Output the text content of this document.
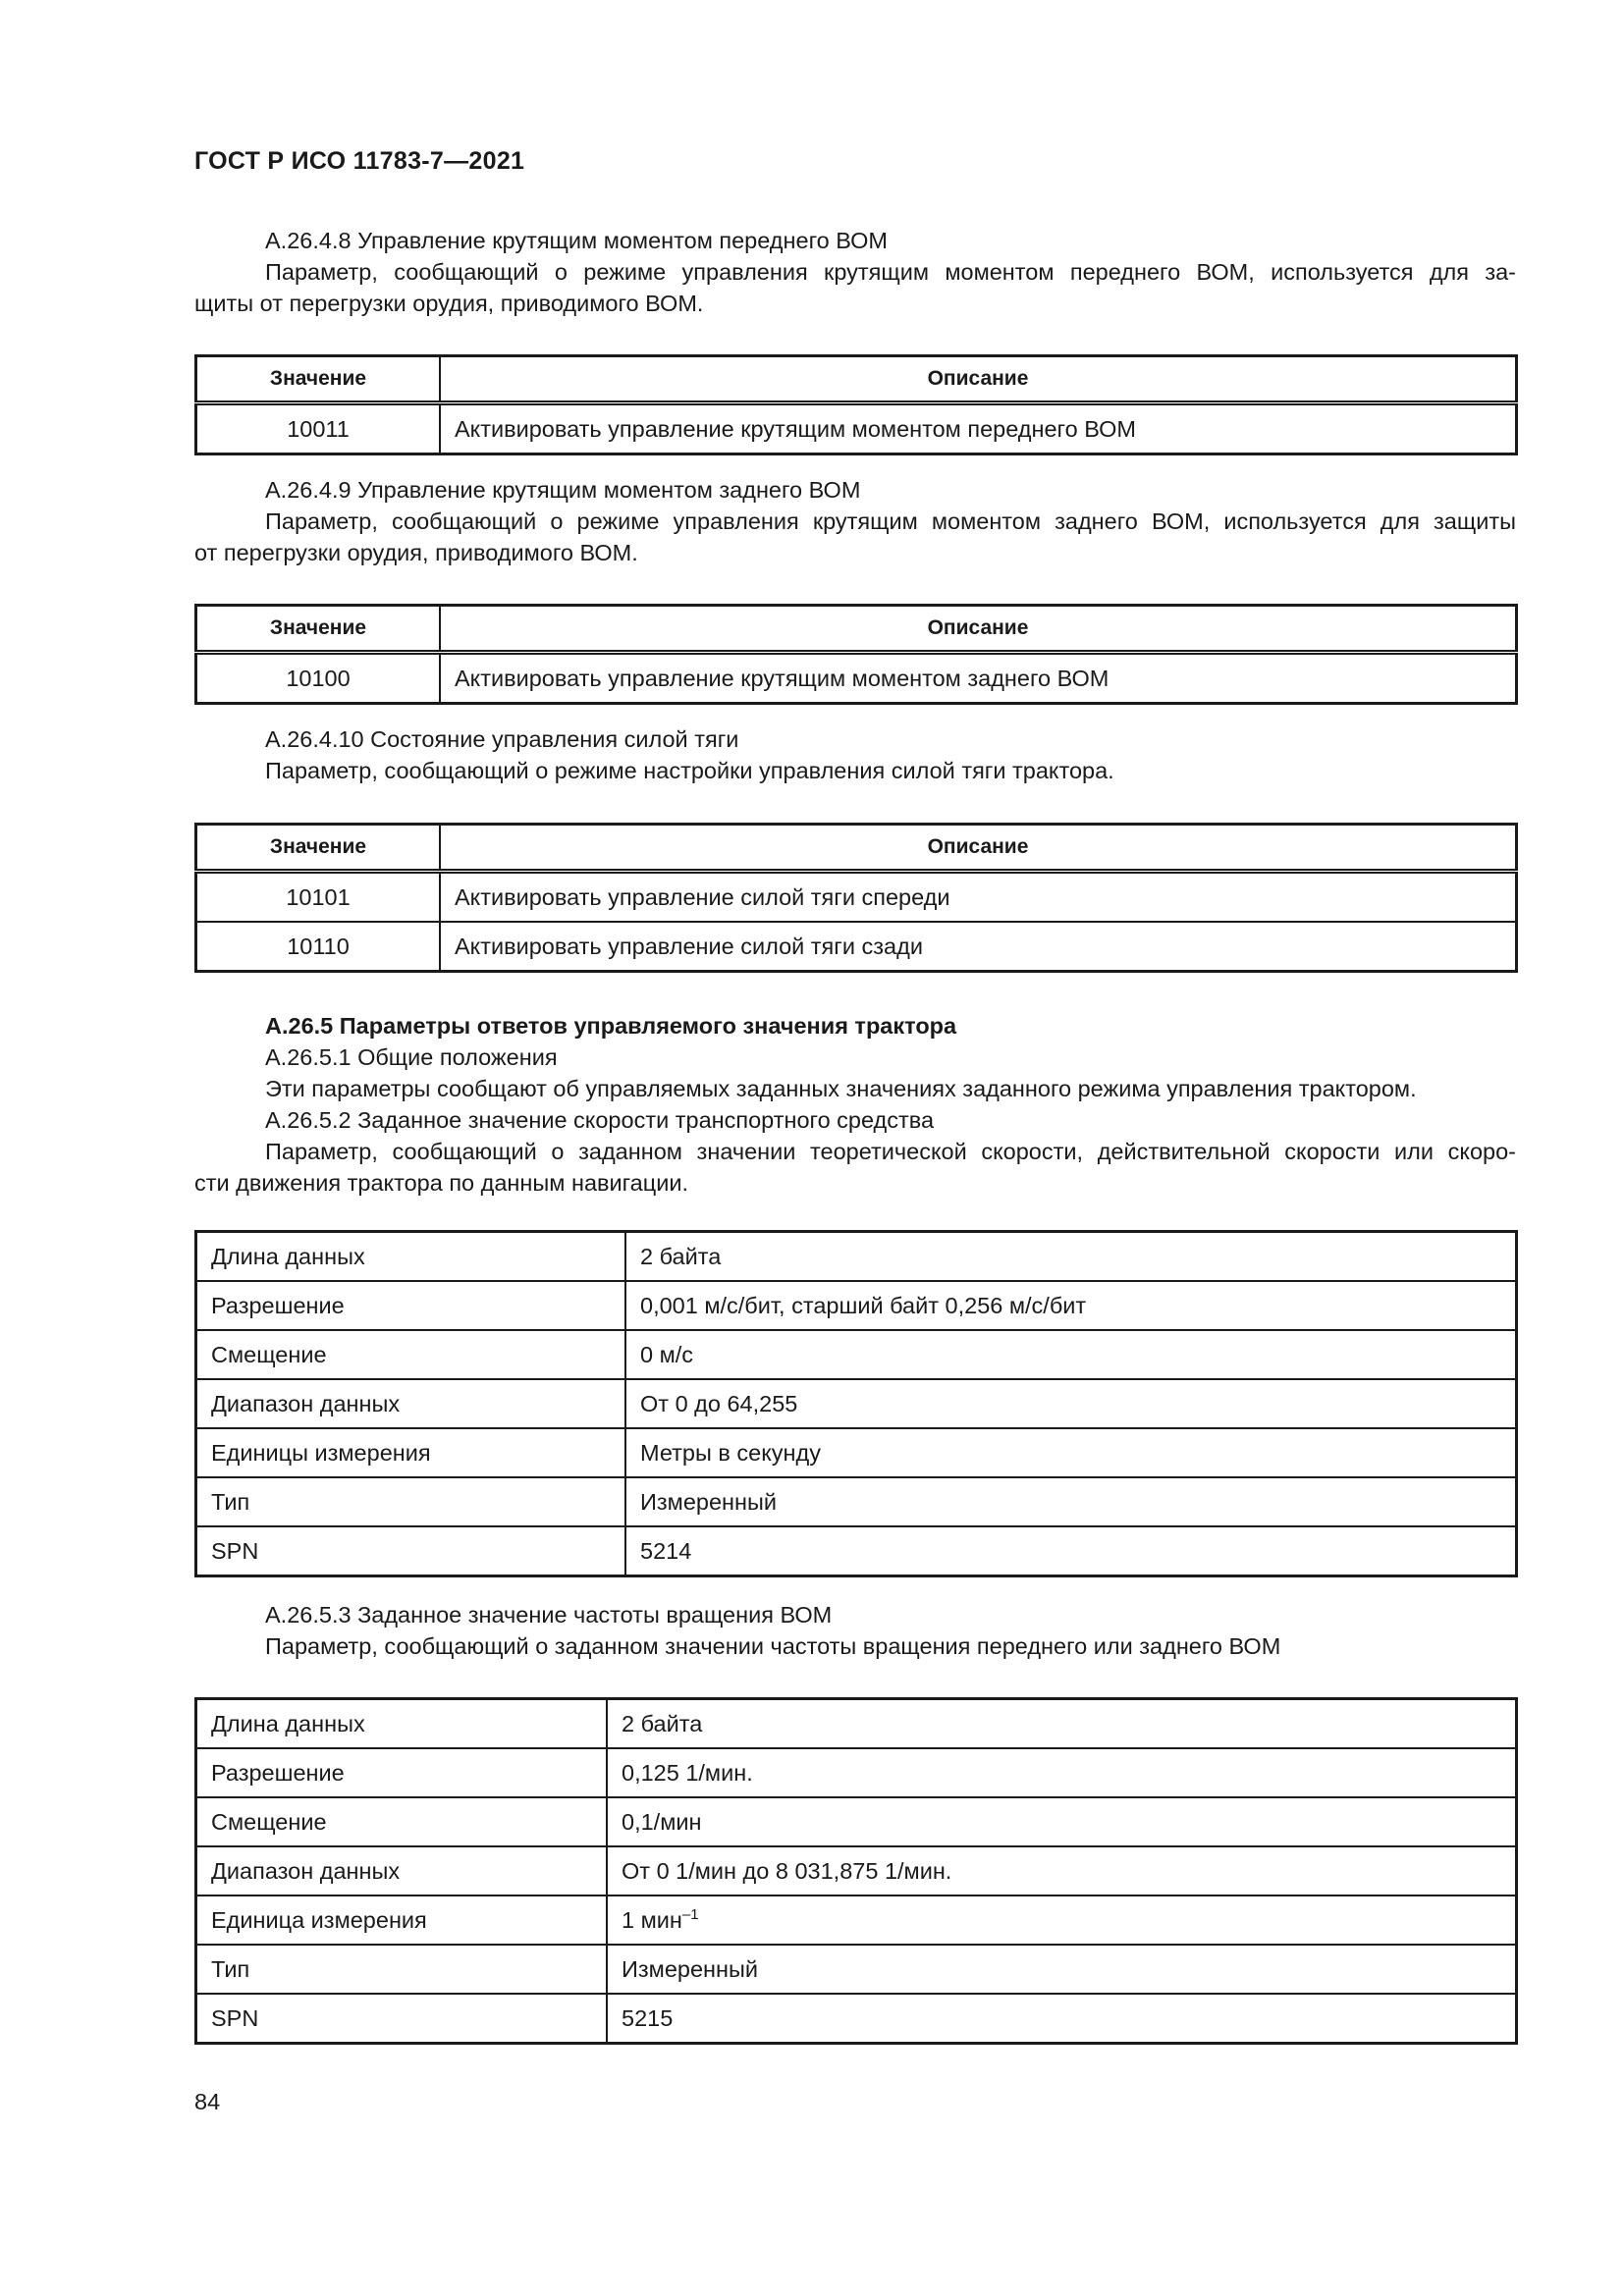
ГОСТ Р ИСО 11783-7—2021

А.26.4.8 Управление крутящим моментом переднего ВОМ

Параметр, сообщающий о режиме управления крутящим моментом переднего ВОМ, используется для за-

щиты от перегрузки орудия, приводимого ВОМ.

Значение	Описание
10011	Активировать управление крутящим моментом переднего ВОМ

А.26.4.9 Управление крутящим моментом заднего ВОМ

Параметр, сообщающий о режиме управления крутящим моментом заднего ВОМ, используется для защиты

от перегрузки орудия, приводимого ВОМ.

Значение	Описание
10100	Активировать управление крутящим моментом заднего ВОМ

А.26.4.10 Состояние управления силой тяги

Параметр, сообщающий о режиме настройки управления силой тяги трактора.

Значение	Описание
10101	Активировать управление силой тяги спереди
10110	Активировать управление силой тяги сзади

А.26.5 Параметры ответов управляемого значения трактора

А.26.5.1 Общие положения

Эти параметры сообщают об управляемых заданных значениях заданного режима управления трактором.

А.26.5.2 Заданное значение скорости транспортного средства

Параметр, сообщающий о заданном значении теоретической скорости, действительной скорости или скоро-

сти движения трактора по данным навигации.

Длина данных	2 байта
Разрешение	0,001 м/с/бит, старший байт 0,256 м/с/бит
Смещение	0 м/с
Диапазон данных	От 0 до 64,255
Единицы измерения	Метры в секунду
Тип	Измеренный
SPN	5214

А.26.5.3 Заданное значение частоты вращения ВОМ

Параметр, сообщающий о заданном значении частоты вращения переднего или заднего ВОМ

Длина данных	2 байта
Разрешение	0,125 1/мин.
Смещение	0,1/мин
Диапазон данных	От 0 1/мин до 8 031,875 1/мин.
Единица измерения	1 мин$^{-1}$
Тип	Измеренный
SPN	5215
84
